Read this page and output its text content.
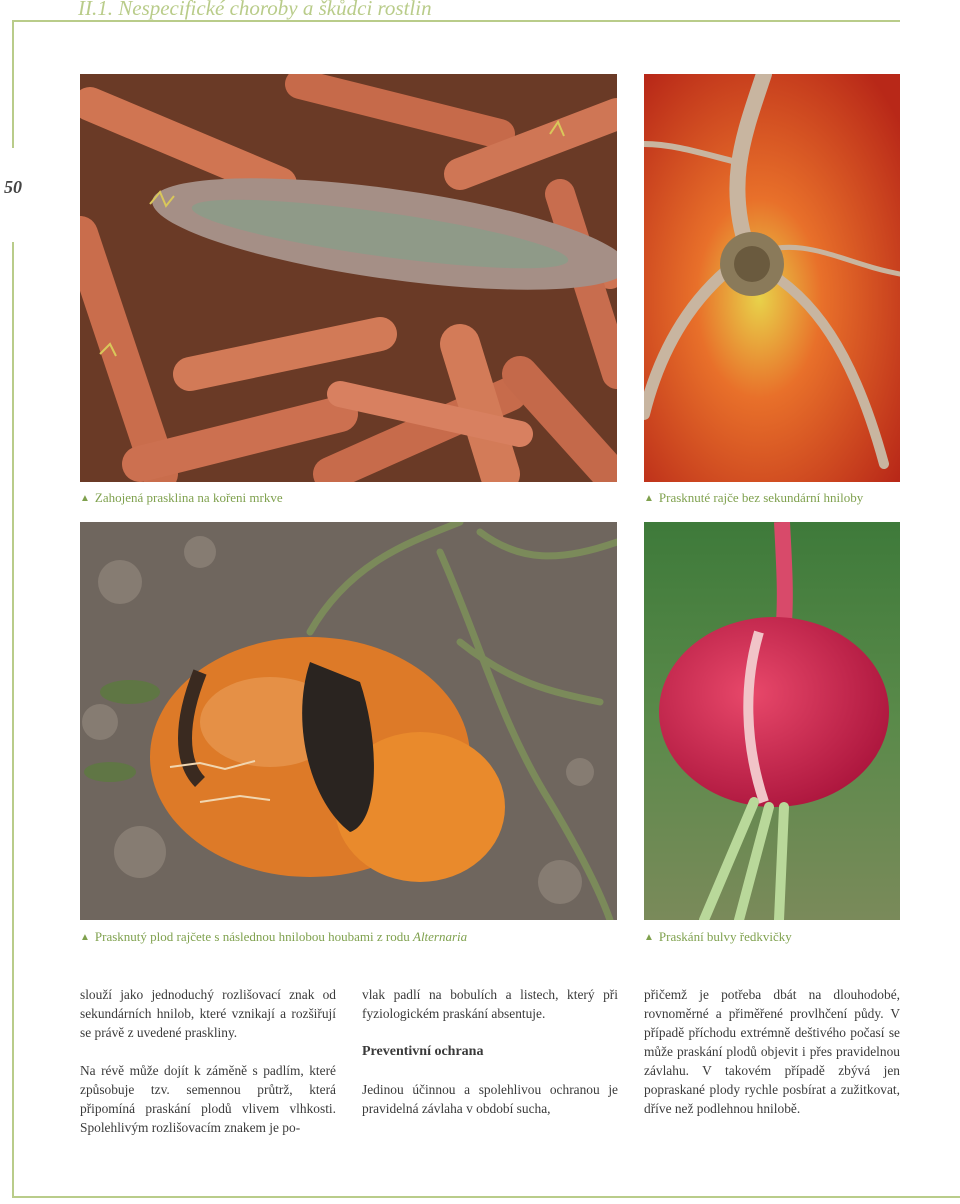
II.1. Nespecifické choroby a škůdci rostlin
50
▲ Zahojená prasklina na kořeni mrkve	▲ Prasknuté rajče bez sekundární hniloby
▲ Prasknutý plod rajčete s následnou hnilobou houbami z rodu Alternaria	▲ Praskání bulvy ředkvičky

slouží jako jednoduchý rozlišovací znak od sekundárních hnilob, které vznikají a rozšiřují se právě z uvedené praskliny.

Na révě může dojít k záměně s padlím, které způsobuje tzv. semennou průtrž, která připomíná praskání plodů vlivem vlhkosti. Spolehlivým rozlišovacím znakem je po-

vlak padlí na bobulích a listech, který při fyziologickém praskání absentuje.

Preventivní ochrana

Jedinou účinnou a spolehlivou ochranou je pravidelná závlaha v období sucha,

přičemž je potřeba dbát na dlouhodobé, rovnoměrné a přiměřené provlhčení půdy. V případě příchodu extrémně deštivého počasí se může praskání plodů objevit i přes pravidelnou závlahu. V takovém případě zbývá jen popraskané plody rychle posbírat a zužitkovat, dříve než podlehnou hnilobě.
